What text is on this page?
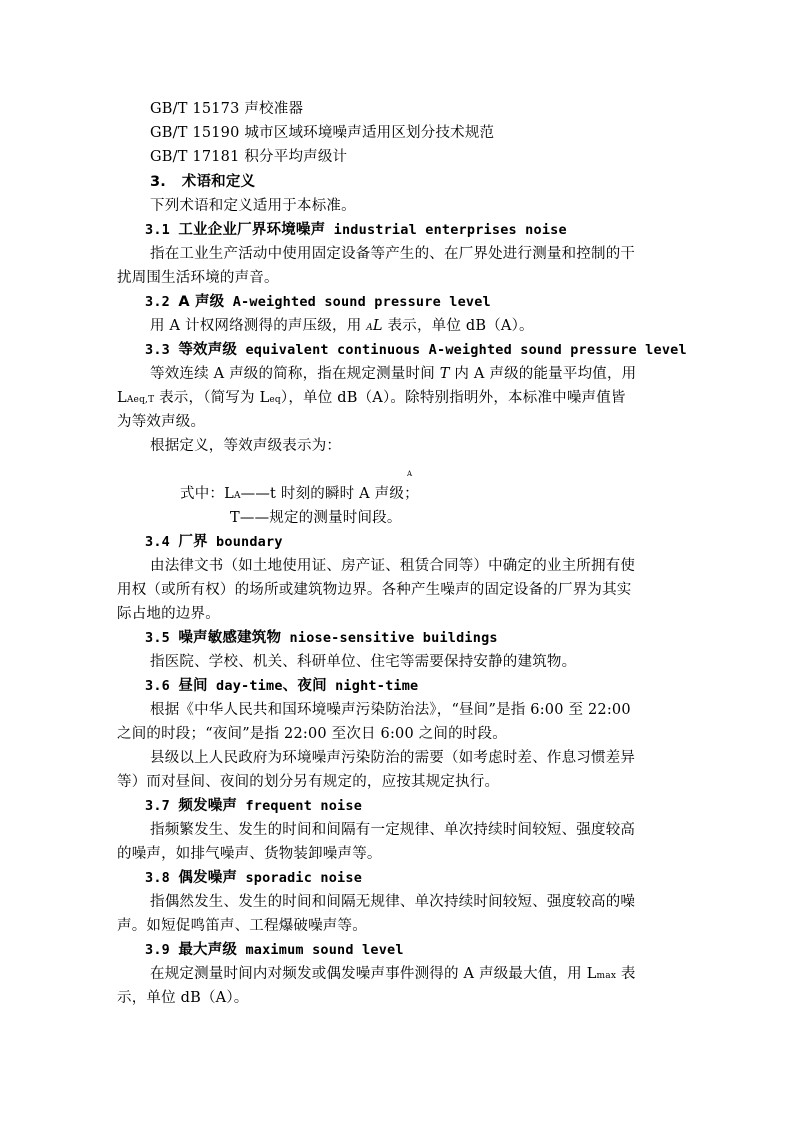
GB/T 15173 声校准器
GB/T 15190 城市区域环境噪声适用区划分技术规范
GB/T 17181 积分平均声级计
3. 术语和定义
下列术语和定义适用于本标准。
3.1 工业企业厂界环境噪声 industrial enterprises noise
指在工业生产活动中使用固定设备等产生的、在厂界处进行测量和控制的干
扰周围生活环境的声音。
3.2 A 声级 A-weighted sound pressure level
用 A 计权网络测得的声压级，用 AL 表示，单位 dB（A）。
3.3 等效声级 equivalent continuous A-weighted sound pressure level
等效连续 A 声级的简称，指在规定测量时间 T 内 A 声级的能量平均值，用
LAeq,T 表示，（简写为 Leq），单位 dB（A）。除特别指明外，本标准中噪声值皆
为等效声级。
根据定义，等效声级表示为：
A
式中：LA——t 时刻的瞬时 A 声级；
T——规定的测量时间段。
3.4 厂界 boundary
由法律文书（如土地使用证、房产证、租赁合同等）中确定的业主所拥有使
用权（或所有权）的场所或建筑物边界。各种产生噪声的固定设备的厂界为其实
际占地的边界。
3.5 噪声敏感建筑物 niose-sensitive buildings
指医院、学校、机关、科研单位、住宅等需要保持安静的建筑物。
3.6 昼间 day-time、夜间 night-time
根据《中华人民共和国环境噪声污染防治法》，“昼间”是指 6:00 至 22:00
之间的时段；“夜间”是指 22:00 至次日 6:00 之间的时段。
县级以上人民政府为环境噪声污染防治的需要（如考虑时差、作息习惯差异
等）而对昼间、夜间的划分另有规定的，应按其规定执行。
3.7 频发噪声 frequent noise
指频繁发生、发生的时间和间隔有一定规律、单次持续时间较短、强度较高
的噪声，如排气噪声、货物装卸噪声等。
3.8 偶发噪声 sporadic noise
指偶然发生、发生的时间和间隔无规律、单次持续时间较短、强度较高的噪
声。如短促鸣笛声、工程爆破噪声等。
3.9 最大声级 maximum sound level
在规定测量时间内对频发或偶发噪声事件测得的 A 声级最大值，用 Lmax 表
示，单位 dB（A）。
